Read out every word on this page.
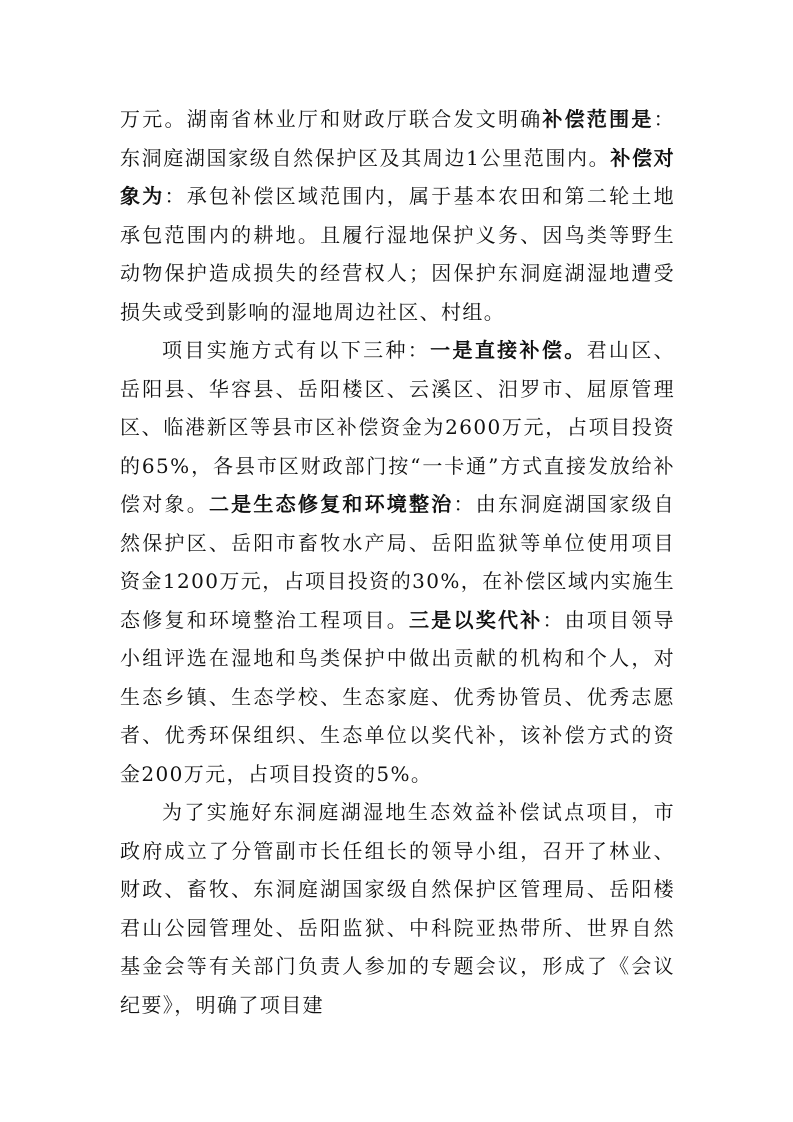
万元。湖南省林业厅和财政厅联合发文明确补偿范围是：东洞庭湖国家级自然保护区及其周边1公里范围内。补偿对象为：承包补偿区域范围内，属于基本农田和第二轮土地承包范围内的耕地。且履行湿地保护义务、因鸟类等野生动物保护造成损失的经营权人；因保护东洞庭湖湿地遭受损失或受到影响的湿地周边社区、村组。

项目实施方式有以下三种：一是直接补偿。君山区、岳阳县、华容县、岳阳楼区、云溪区、汨罗市、屈原管理区、临港新区等县市区补偿资金为2600万元，占项目投资的65%，各县市区财政部门按“一卡通”方式直接发放给补偿对象。二是生态修复和环境整治：由东洞庭湖国家级自然保护区、岳阳市畜牧水产局、岳阳监狱等单位使用项目资金1200万元，占项目投资的30%，在补偿区域内实施生态修复和环境整治工程项目。三是以奖代补：由项目领导小组评选在湿地和鸟类保护中做出贡献的机构和个人，对生态乡镇、生态学校、生态家庭、优秀协管员、优秀志愿者、优秀环保组织、生态单位以奖代补，该补偿方式的资金200万元，占项目投资的5%。

为了实施好东洞庭湖湿地生态效益补偿试点项目，市政府成立了分管副市长任组长的领导小组，召开了林业、财政、畜牧、东洞庭湖国家级自然保护区管理局、岳阳楼君山公园管理处、岳阳监狱、中科院亚热带所、世界自然基金会等有关部门负责人参加的专题会议，形成了《会议纪要》，明确了项目建
